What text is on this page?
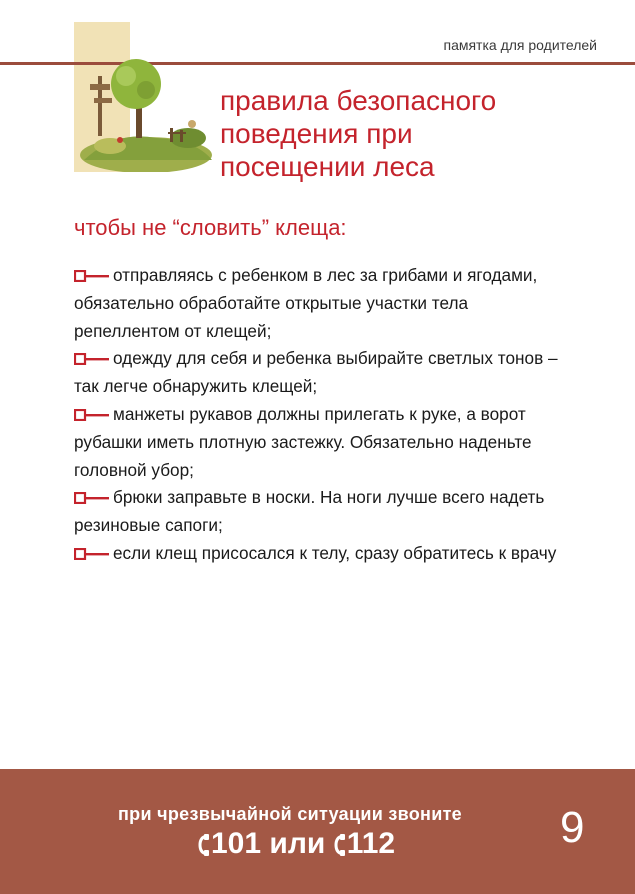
памятка для родителей
правила безопасного
поведения при
посещении леса
чтобы не “словить” клеща:
отправляясь с ребенком в лес за грибами и ягодами, обязательно обработайте открытые участки тела репеллентом от клещей;
одежду для себя и ребенка выбирайте светлых тонов – так легче обнаружить клещей;
манжеты рукавов должны прилегать к руке, а ворот рубашки иметь плотную застежку. Обязательно наденьте головной убор;
брюки заправьте в носки. На ноги лучше всего надеть резиновые сапоги;
если клещ присосался к телу, сразу обратитесь к врачу
при чрезвычайной ситуации звоните
101 или 112	9
